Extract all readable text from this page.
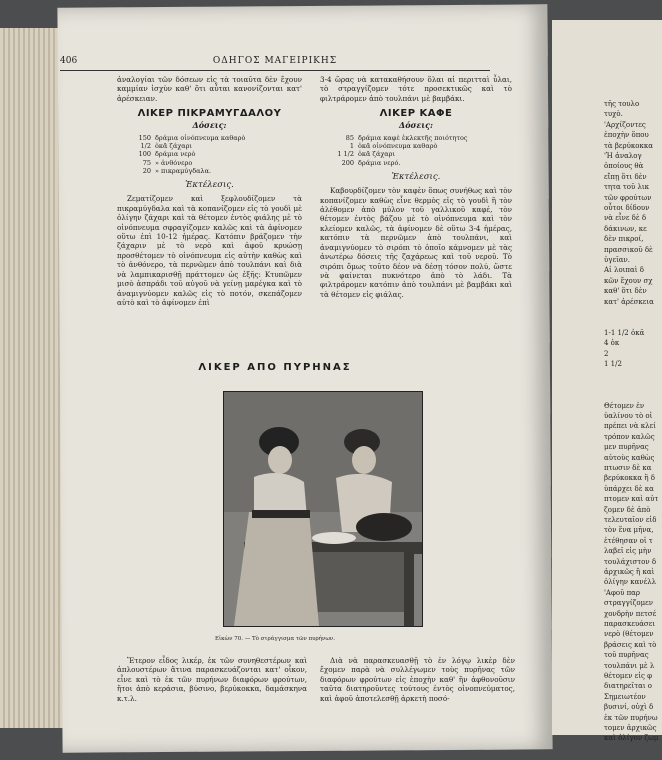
τῆς τουλο
τυχὸ.
'Αρχίζοντες
ἐποχὴν ὅπου
τὰ βερύκοκκα
'Ἡ ἀναλογ
ὁποίους θὰ
εἴπῃ ὅτι δὲν
τητα τοῦ λικ
τῶν φρούτων
οὗτοι δίδουν
νὰ εἶνε δὲ δ
δάκινων, κε
δὲν πικροί,
πρασσικοῦ δὲ
ὑγεῖαν.
Αἱ λοιπαὶ δ
κῶν ἔχουν σχ
καθ' ὅτι δὲν
κατ' ἀρέσκεια
1-1 1/2 ὀκᾶ
4 ὀκ
2
1 1/2
Θέτομεν ἐν
ὑαλίνου τὸ οἰ
πρέπει νὰ κλεί
τρόπον καλῶς
μεν πυρῆνας
αὐτοὺς καθὼς
πτωσιν δὲ κα
βερύκοκκα ἢ δ
ὑπάρχει δὲ κα
πτομεν καὶ αὐτ
ζομεν δὲ ἀπὸ
τελευταῖον εἰδ
τὸν ἕνα μῆνα,
ἐτέθησαν οἱ τ
λαβεῖ εἰς μὴν
τουλάχιστον δ
ἀρχικῶς ἢ καὶ
ὀλίγην κανέλλ
'Αφοῦ παρ
στραγγίζομεν
χονδρὴν πετσέ
παρασκευάσει
νερὸ (θέτομεν
βράσεις καὶ τὸ
τοῦ πυρῆνας
τουλπάνι μὲ λ
θέτομεν εἰς φ
διατηρεῖται ο
Σημειωτέον
βυσινί, οὐχὶ δ
ἐκ τῶν πυρήνω
τομεν ἀρχικῶς
καὶ ὀλίγον ζωμ
406	ΟΔΗΓΟΣ ΜΑΓΕΙΡΙΚΗΣ

ἀναλογίαι τῶν δόσεων εἰς τὰ τοιαῦτα δὲν ἔχουν καμμίαν ἰσχὺν καθ' ὅτι αὗται κανονίζονται κατ' ἀρέσκειαν.

ΛΙΚΕΡ ΠΙΚΡΑΜΥΓΔΑΛΟΥ
Δόσεις:
150 δράμια οἰνόπνευμα καθαρὸ
1/2 ὀκᾶ ζάχαρι
100 δράμια νερὸ
75 » ἀνθόνερο
20 » πικραμύγδαλα.
Ἐκτέλεσις.

Ζεματίζομεν καὶ ξεφλουδίζομεν τὰ πικραμύγδαλα καὶ τὰ κοπανίζομεν εἰς τὸ γουδὶ μὲ ὀλίγην ζάχαρι καὶ τὰ θέτομεν ἐντὸς φιάλης μὲ τὸ οἰνόπνευμα σφραγίζομεν καλῶς καὶ τὰ ἀφίνομεν οὕτω ἐπὶ 10-12 ἡμέρας. Κατόπιν βράζομεν τὴν ζάχαριν μὲ τὸ νερὸ καὶ ἀφοῦ κρυώσῃ προσθέτομεν τὸ οἰνόπνευμα εἰς αὐτὴν καθὼς καὶ τὸ ἀνθόνερο, τὰ περνῶμεν ἀπὸ τουλπάνι καὶ διὰ νὰ λαμπικαρισθῇ πράττομεν ὡς ἑξῆς: Κτυπῶμεν μισὸ ἀσπράδι τοῦ αὐγοῦ νὰ γείνῃ μαρέγκα καὶ τὸ ἀναμιγνύομεν καλῶς εἰς τὸ ποτόν, σκεπάζομεν αὐτὸ καὶ τὸ ἀφίνομεν ἐπὶ

3-4 ὥρας νὰ κατακαθήσουν ὅλαι αἱ περιτταὶ ὗλαι, τὸ στραγγίζομεν τότε προσεκτικῶς καὶ τὸ φιλτράρομεν ἀπὸ τουλπάνι μὲ βαμβάκι.

ΛΙΚΕΡ ΚΑΦΕ
Δόσεις:
85 δράμια καφὲ ἐκλεκτῆς ποιότητος
1 ὀκᾶ οἰνόπνευμα καθαρὸ
1 1/2 ὀκᾶ ζάχαρι
200 δράμια νερό.
Ἐκτέλεσις.

Καβουρδίζομεν τὸν καφὲν ὅπως συνήθως καὶ τὸν κοπανίζομεν καθὼς εἶνε θερμὸς εἰς τὸ γουδὶ ἢ τὸν ἀλέθομεν ἀπὸ μύλον τοῦ γαλλικοῦ καφέ, τὸν θέτομεν ἐντὸς βάζου μὲ τὸ οἰνόπνευμα καὶ τὸν κλείομεν καλῶς, τὰ ἀφίνομεν δὲ οὕτω 3-4 ἡμέρας, κατόπιν τὰ περνῶμεν ἀπὸ τουλπάνι, καὶ ἀναμιγνύομεν τὸ σιρόπι τὸ ὁποῖο κάμνομεν μὲ τὰς ἀνωτέρω δόσεις τῆς ζαχάρεως καὶ τοῦ νεροῦ. Τὸ σιρόπι ὅμως τοῦτο δέον νὰ δέσῃ τόσον πολύ, ὥστε νὰ φαίνεται πυκνότερο ἀπὸ τὸ λάδι. Τὰ φιλτράρομεν κατόπιν ἀπὸ τουλπάνι μὲ βαμβάκι καὶ τὰ θέτομεν εἰς φιάλας.

ΛΙΚΕΡ ΑΠΟ ΠΥΡΗΝΑΣ
Εἰκὼν 70. — Τὸ στράγγισμα τῶν πυρήνων.

Ἕτερον εἶδος λικέρ, ἐκ τῶν συνηθεστέρων καὶ ἁπλουστέρων ἅτινα παρασκευάζονται κατ' οἶκον, εἶνε καὶ τὸ ἐκ τῶν πυρήνων διαφόρων φρούτων, ἤτοι ἀπὸ κεράσια, βύσινο, βερύκοκκα, δαμάσκηνα κ.τ.λ.

Διὰ νὰ παρασκευασθῇ τὸ ἐν λόγῳ λικὲρ δὲν ἔχομεν παρὰ νὰ συλλέγωμεν τοὺς πυρῆνας τῶν διαφόρων φρούτων εἰς ἐποχὴν καθ' ἣν ἀφθονοῦσιν ταῦτα διατηροῦντες τούτους ἐντὸς οἰνοπνεύματος, καὶ ἀφοῦ ἀποτελεσθῇ ἀρκετὴ ποσό-
